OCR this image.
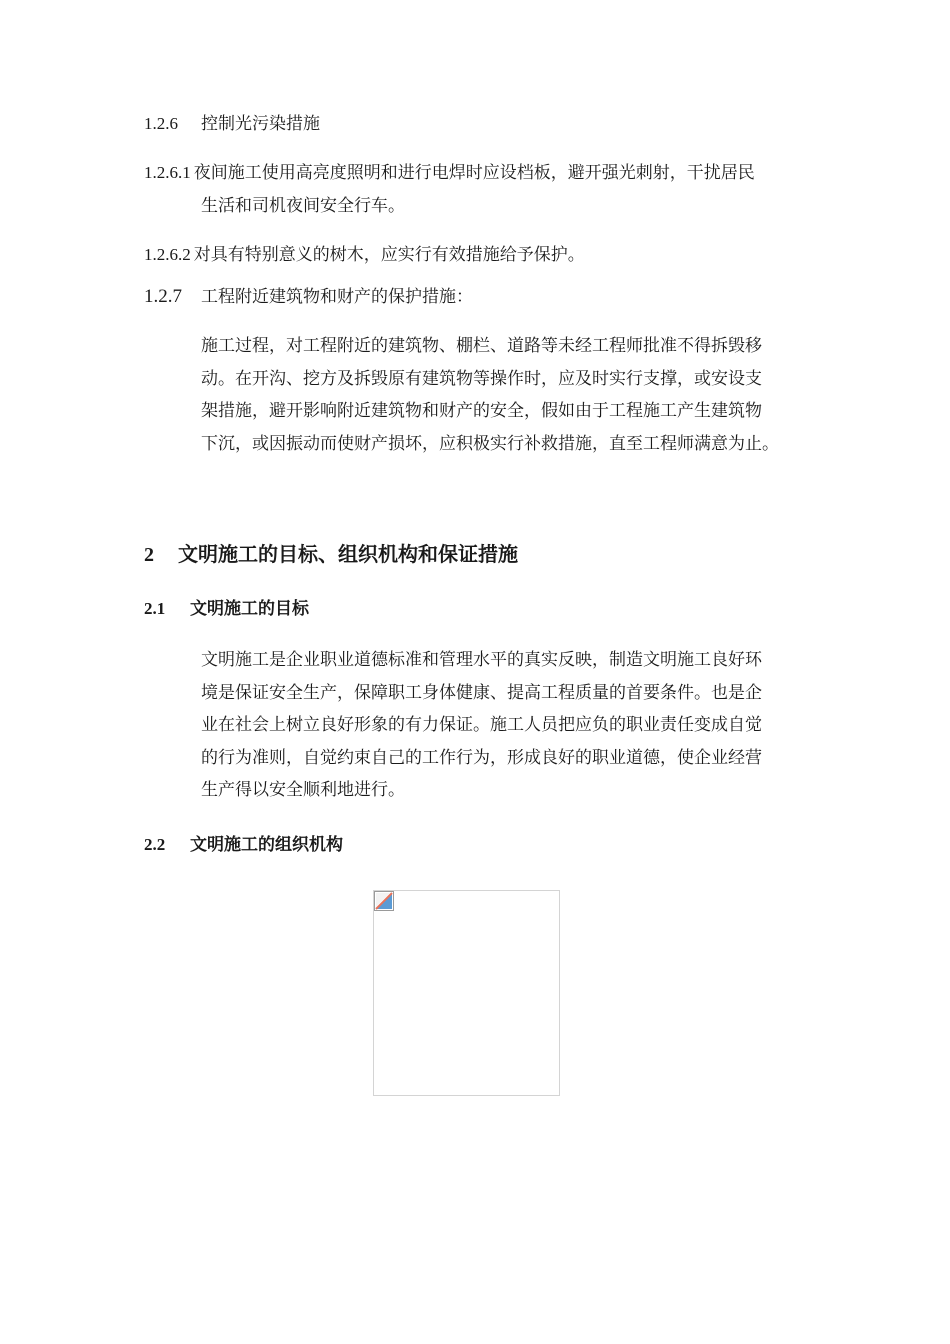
1.2.6 控制光污染措施
1.2.6.1 夜间施工使用高亮度照明和进行电焊时应设档板，避开强光刺射，干扰居民
生活和司机夜间安全行车。
1.2.6.2 对具有特别意义的树木，应实行有效措施给予保护。
1.2.7 工程附近建筑物和财产的保护措施：
施工过程，对工程附近的建筑物、棚栏、道路等未经工程师批准不得拆毁移
动。在开沟、挖方及拆毁原有建筑物等操作时，应及时实行支撑，或安设支
架措施，避开影响附近建筑物和财产的安全，假如由于工程施工产生建筑物
下沉，或因振动而使财产损坏，应积极实行补救措施，直至工程师满意为止。
2 文明施工的目标、组织机构和保证措施
2.1 文明施工的目标
文明施工是企业职业道德标准和管理水平的真实反映，制造文明施工良好环
境是保证安全生产，保障职工身体健康、提高工程质量的首要条件。也是企
业在社会上树立良好形象的有力保证。施工人员把应负的职业责任变成自觉
的行为准则，自觉约束自己的工作行为，形成良好的职业道德，使企业经营
生产得以安全顺利地进行。
2.2 文明施工的组织机构
